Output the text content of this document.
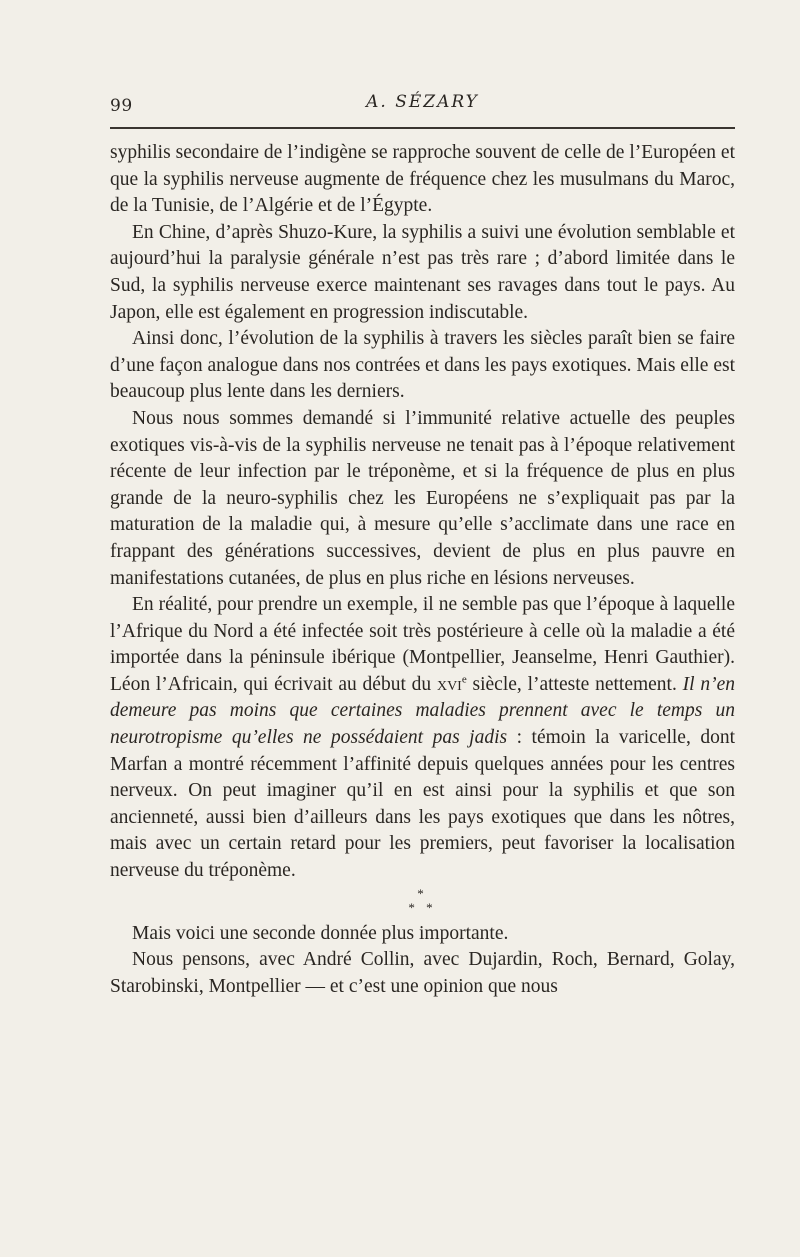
99	A. SÉZARY

syphilis secondaire de l’indigène se rapproche souvent de celle de l’Européen et que la syphilis nerveuse augmente de fréquence chez les musulmans du Maroc, de la Tunisie, de l’Algérie et de l’Égypte.

En Chine, d’après Shuzo-Kure, la syphilis a suivi une évolution semblable et aujourd’hui la paralysie générale n’est pas très rare ; d’abord limitée dans le Sud, la syphilis nerveuse exerce maintenant ses ravages dans tout le pays. Au Japon, elle est également en progression indiscutable.

Ainsi donc, l’évolution de la syphilis à travers les siècles paraît bien se faire d’une façon analogue dans nos contrées et dans les pays exotiques. Mais elle est beaucoup plus lente dans les derniers.

Nous nous sommes demandé si l’immunité relative actuelle des peuples exotiques vis-à-vis de la syphilis nerveuse ne tenait pas à l’époque relativement récente de leur infection par le tréponème, et si la fréquence de plus en plus grande de la neuro-syphilis chez les Européens ne s’expliquait pas par la maturation de la maladie qui, à mesure qu’elle s’acclimate dans une race en frappant des générations successives, devient de plus en plus pauvre en manifestations cutanées, de plus en plus riche en lésions nerveuses.

En réalité, pour prendre un exemple, il ne semble pas que l’époque à laquelle l’Afrique du Nord a été infectée soit très postérieure à celle où la maladie a été importée dans la péninsule ibérique (Montpellier, Jeanselme, Henri Gauthier). Léon l’Africain, qui écrivait au début du xvi$^e$ siècle, l’atteste nettement. Il n’en demeure pas moins que certaines maladies prennent avec le temps un neurotropisme qu’elles ne possédaient pas jadis : témoin la varicelle, dont Marfan a montré récemment l’affinité depuis quelques années pour les centres nerveux. On peut imaginer qu’il en est ainsi pour la syphilis et que son ancienneté, aussi bien d’ailleurs dans les pays exotiques que dans les nôtres, mais avec un certain retard pour les premiers, peut favoriser la localisation nerveuse du tréponème.

*
* *

Mais voici une seconde donnée plus importante.

Nous pensons, avec André Collin, avec Dujardin, Roch, Bernard, Golay, Starobinski, Montpellier — et c’est une opinion que nous
